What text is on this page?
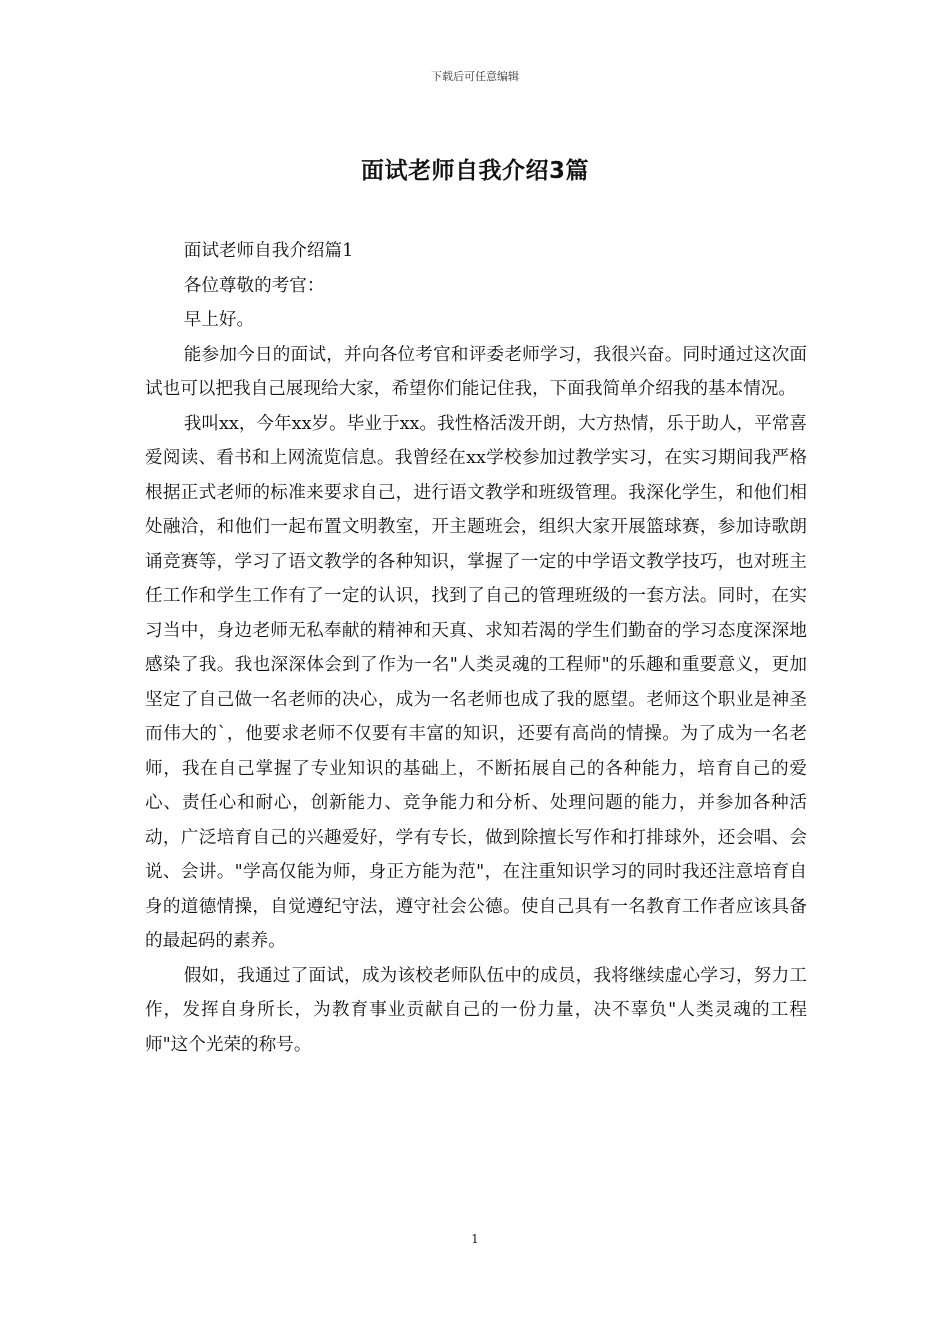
下载后可任意编辑
面试老师自我介绍3篇

面试老师自我介绍篇1

各位尊敬的考官：

早上好。

能参加今日的面试，并向各位考官和评委老师学习，我很兴奋。同时通过这次面试也可以把我自己展现给大家，希望你们能记住我，下面我简单介绍我的基本情况。

我叫xx，今年xx岁。毕业于xx。我性格活泼开朗，大方热情，乐于助人，平常喜爱阅读、看书和上网流览信息。我曾经在xx学校参加过教学实习，在实习期间我严格根据正式老师的标准来要求自己，进行语文教学和班级管理。我深化学生，和他们相处融洽，和他们一起布置文明教室，开主题班会，组织大家开展篮球赛，参加诗歌朗诵竞赛等，学习了语文教学的各种知识，掌握了一定的中学语文教学技巧，也对班主任工作和学生工作有了一定的认识，找到了自己的管理班级的一套方法。同时，在实习当中，身边老师无私奉献的精神和天真、求知若渴的学生们勤奋的学习态度深深地感染了我。我也深深体会到了作为一名"人类灵魂的工程师"的乐趣和重要意义，更加坚定了自己做一名老师的决心，成为一名老师也成了我的愿望。老师这个职业是神圣而伟大的`，他要求老师不仅要有丰富的知识，还要有高尚的情操。为了成为一名老师，我在自己掌握了专业知识的基础上，不断拓展自己的各种能力，培育自己的爱心、责任心和耐心，创新能力、竞争能力和分析、处理问题的能力，并参加各种活动，广泛培育自己的兴趣爱好，学有专长，做到除擅长写作和打排球外，还会唱、会说、会讲。"学高仅能为师，身正方能为范"，在注重知识学习的同时我还注意培育自身的道德情操，自觉遵纪守法，遵守社会公德。使自己具有一名教育工作者应该具备的最起码的素养。

假如，我通过了面试，成为该校老师队伍中的成员，我将继续虚心学习，努力工作，发挥自身所长，为教育事业贡献自己的一份力量，决不辜负"人类灵魂的工程师"这个光荣的称号。

1
